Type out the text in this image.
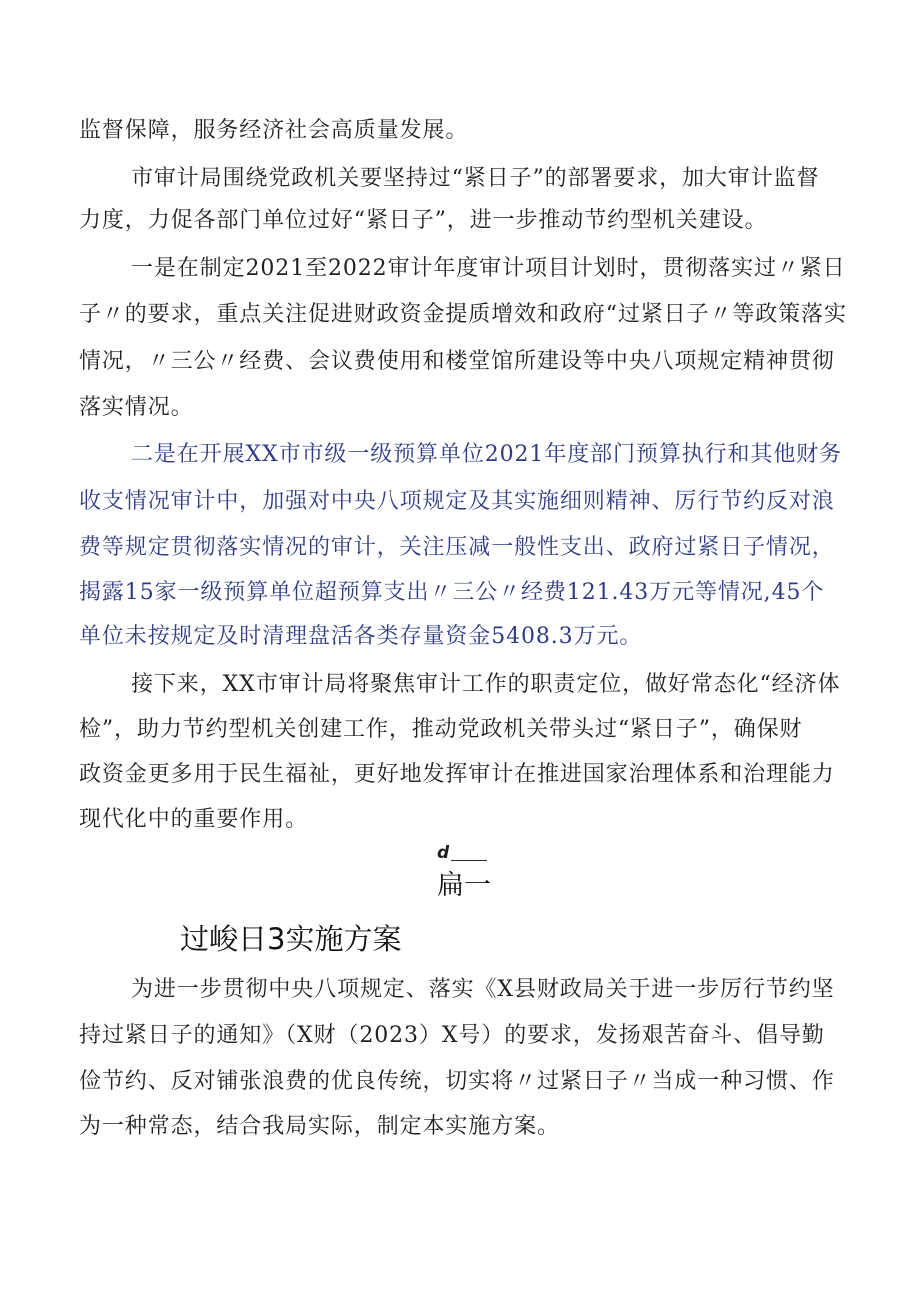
监督保障，服务经济社会高质量发展。
市审计局围绕党政机关要坚持过“紧日子”的部署要求，加大审计监督
力度，力促各部门单位过好“紧日子”，进一步推动节约型机关建设。
一是在制定2021至2022审计年度审计项目计划时，贯彻落实过〃紧日
子〃的要求，重点关注促进财政资金提质增效和政府“过紧日子〃等政策落实
情况，〃三公〃经费、会议费使用和楼堂馆所建设等中央八项规定精神贯彻
落实情况。
二是在开展XX市市级一级预算单位2021年度部门预算执行和其他财务
收支情况审计中，加强对中央八项规定及其实施细则精神、厉行节约反对浪
费等规定贯彻落实情况的审计，关注压减一般性支出、政府过紧日子情况，
揭露15家一级预算单位超预算支出〃三公〃经费121.43万元等情况,45个
单位未按规定及时清理盘活各类存量资金5408.3万元。
接下来，XX市审计局将聚焦审计工作的职责定位，做好常态化“经济体
检”，助力节约型机关创建工作，推动党政机关带头过“紧日子”，确保财
政资金更多用于民生福祉，更好地发挥审计在推进国家治理体系和治理能力
现代化中的重要作用。
d
扁一
过峻日3实施方案
为进一步贯彻中央八项规定、落实《X县财政局关于进一步厉行节约坚
持过紧日子的通知》（X财（2023）X号）的要求，发扬艰苦奋斗、倡导勤
俭节约、反对铺张浪费的优良传统，切实将〃过紧日子〃当成一种习惯、作
为一种常态，结合我局实际，制定本实施方案。
